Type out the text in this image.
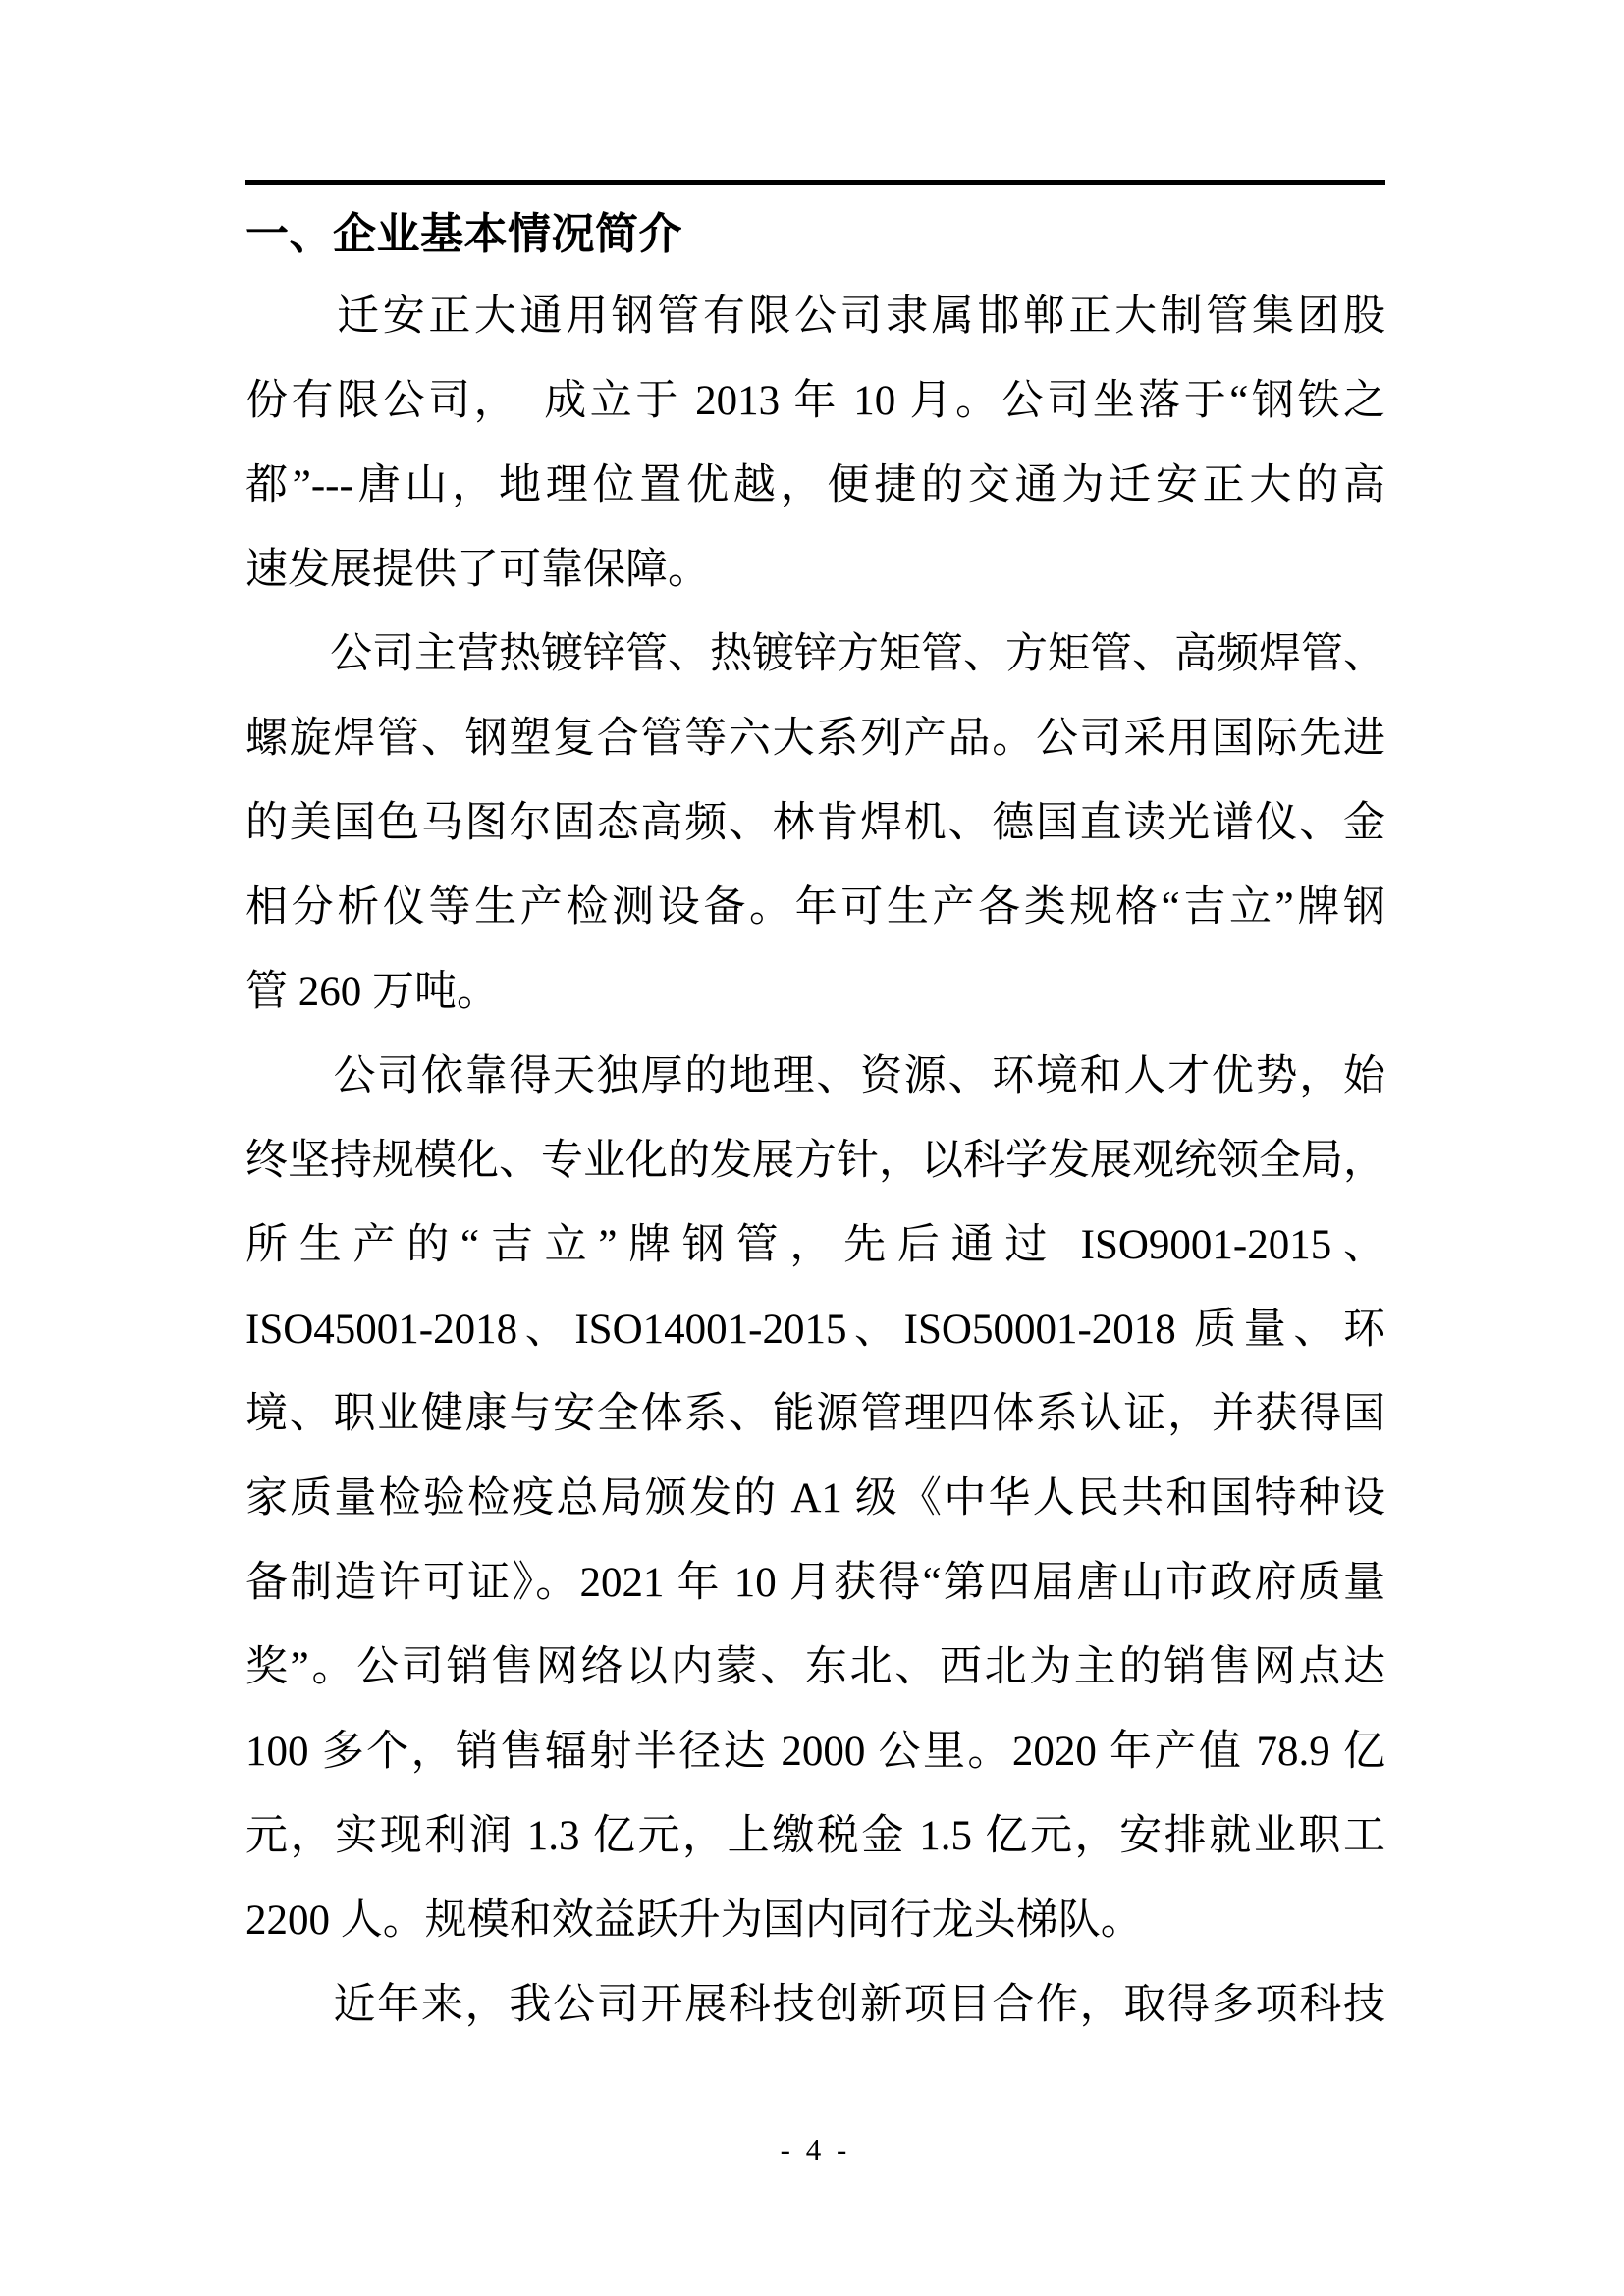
一、企业基本情况简介
　　迁安正大通用钢管有限公司隶属邯郸正大制管集团股
份有限公司，　成立于 2013 年 10 月。公司坐落于“钢铁之
都”---唐山，地理位置优越，便捷的交通为迁安正大的高
速发展提供了可靠保障。
　　公司主营热镀锌管、热镀锌方矩管、方矩管、高频焊管、
螺旋焊管、钢塑复合管等六大系列产品。公司采用国际先进
的美国色马图尔固态高频、林肯焊机、德国直读光谱仪、金
相分析仪等生产检测设备。年可生产各类规格“吉立”牌钢
管 260 万吨。
　　公司依靠得天独厚的地理、资源、环境和人才优势，始
终坚持规模化、专业化的发展方针，以科学发展观统领全局，
所生产的“吉立”牌钢管，先后通过 ISO9001-2015、
ISO45001-2018、ISO14001-2015、ISO50001-2018 质量、环
境、职业健康与安全体系、能源管理四体系认证，并获得国
家质量检验检疫总局颁发的 A1 级《中华人民共和国特种设
备制造许可证》。2021 年 10 月获得“第四届唐山市政府质量
奖”。公司销售网络以内蒙、东北、西北为主的销售网点达
100 多个，销售辐射半径达 2000 公里。2020 年产值 78.9 亿
元，实现利润 1.3 亿元，上缴税金 1.5 亿元，安排就业职工
2200 人。规模和效益跃升为国内同行龙头梯队。
　　近年来，我公司开展科技创新项目合作，取得多项科技
- 4 -
